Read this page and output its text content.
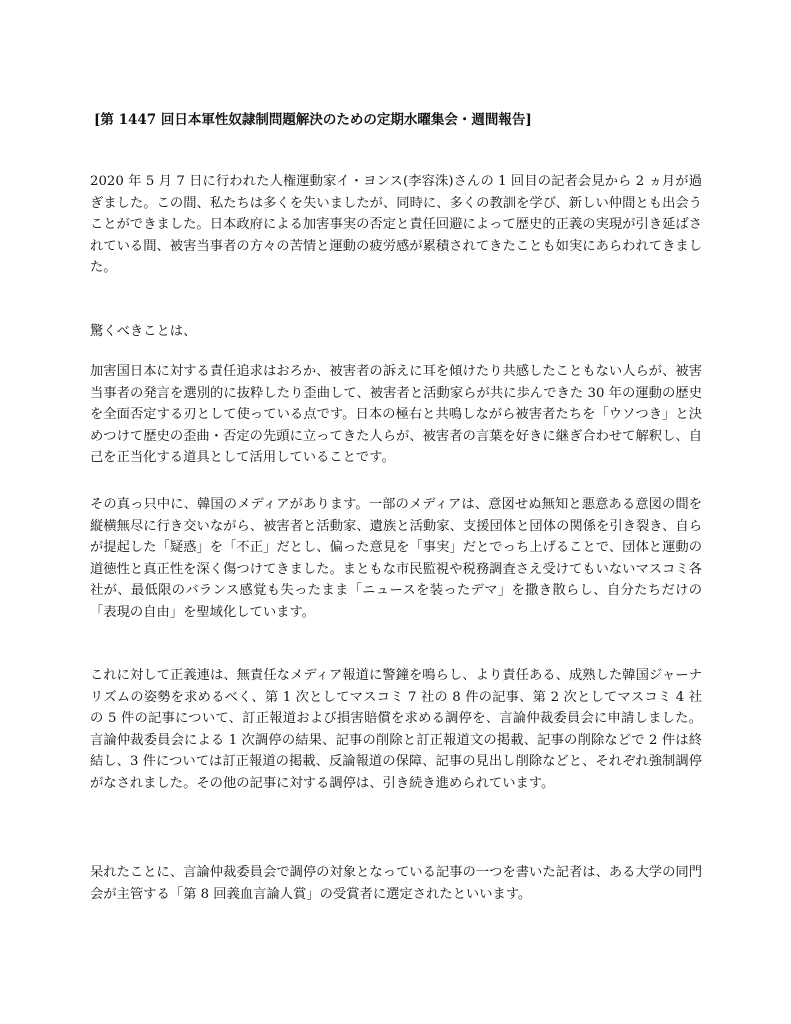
[第 1447 回日本軍性奴隷制問題解決のための定期水曜集会・週間報告]

2020 年 5 月 7 日に行われた人権運動家イ・ヨンス(李容洙)さんの 1 回目の記者会見から 2 ヵ月が過ぎました。この間、私たちは多くを失いましたが、同時に、多くの教訓を学び、新しい仲間とも出会うことができました。日本政府による加害事実の否定と責任回避によって歴史的正義の実現が引き延ばされている間、被害当事者の方々の苦情と運動の疲労感が累積されてきたことも如実にあらわれてきました。

驚くべきことは、

加害国日本に対する責任追求はおろか、被害者の訴えに耳を傾けたり共感したこともない人らが、被害当事者の発言を選別的に抜粋したり歪曲して、被害者と活動家らが共に歩んできた 30 年の運動の歴史を全面否定する刃として使っている点です。日本の極右と共鳴しながら被害者たちを「ウソつき」と決めつけて歴史の歪曲・否定の先頭に立ってきた人らが、被害者の言葉を好きに継ぎ合わせて解釈し、自己を正当化する道具として活用していることです。

その真っ只中に、韓国のメディアがあります。一部のメディアは、意図せぬ無知と悪意ある意図の間を縦横無尽に行き交いながら、被害者と活動家、遺族と活動家、支援団体と団体の関係を引き裂き、自らが提起した「疑惑」を「不正」だとし、偏った意見を「事実」だとでっち上げることで、団体と運動の道徳性と真正性を深く傷つけてきました。まともな市民監視や税務調査さえ受けてもいないマスコミ各社が、最低限のバランス感覚も失ったまま「ニュースを装ったデマ」を撒き散らし、自分たちだけの「表現の自由」を聖域化しています。

これに対して正義連は、無責任なメディア報道に警鐘を鳴らし、より責任ある、成熟した韓国ジャーナリズムの姿勢を求めるべく、第 1 次としてマスコミ 7 社の 8 件の記事、第 2 次としてマスコミ 4 社の 5 件の記事について、訂正報道および損害賠償を求める調停を、言論仲裁委員会に申請しました。言論仲裁委員会による 1 次調停の結果、記事の削除と訂正報道文の掲載、記事の削除などで 2 件は終結し、3 件については訂正報道の掲載、反論報道の保障、記事の見出し削除などと、それぞれ強制調停がなされました。その他の記事に対する調停は、引き続き進められています。

呆れたことに、言論仲裁委員会で調停の対象となっている記事の一つを書いた記者は、ある大学の同門会が主管する「第 8 回義血言論人賞」の受賞者に選定されたといいます。
